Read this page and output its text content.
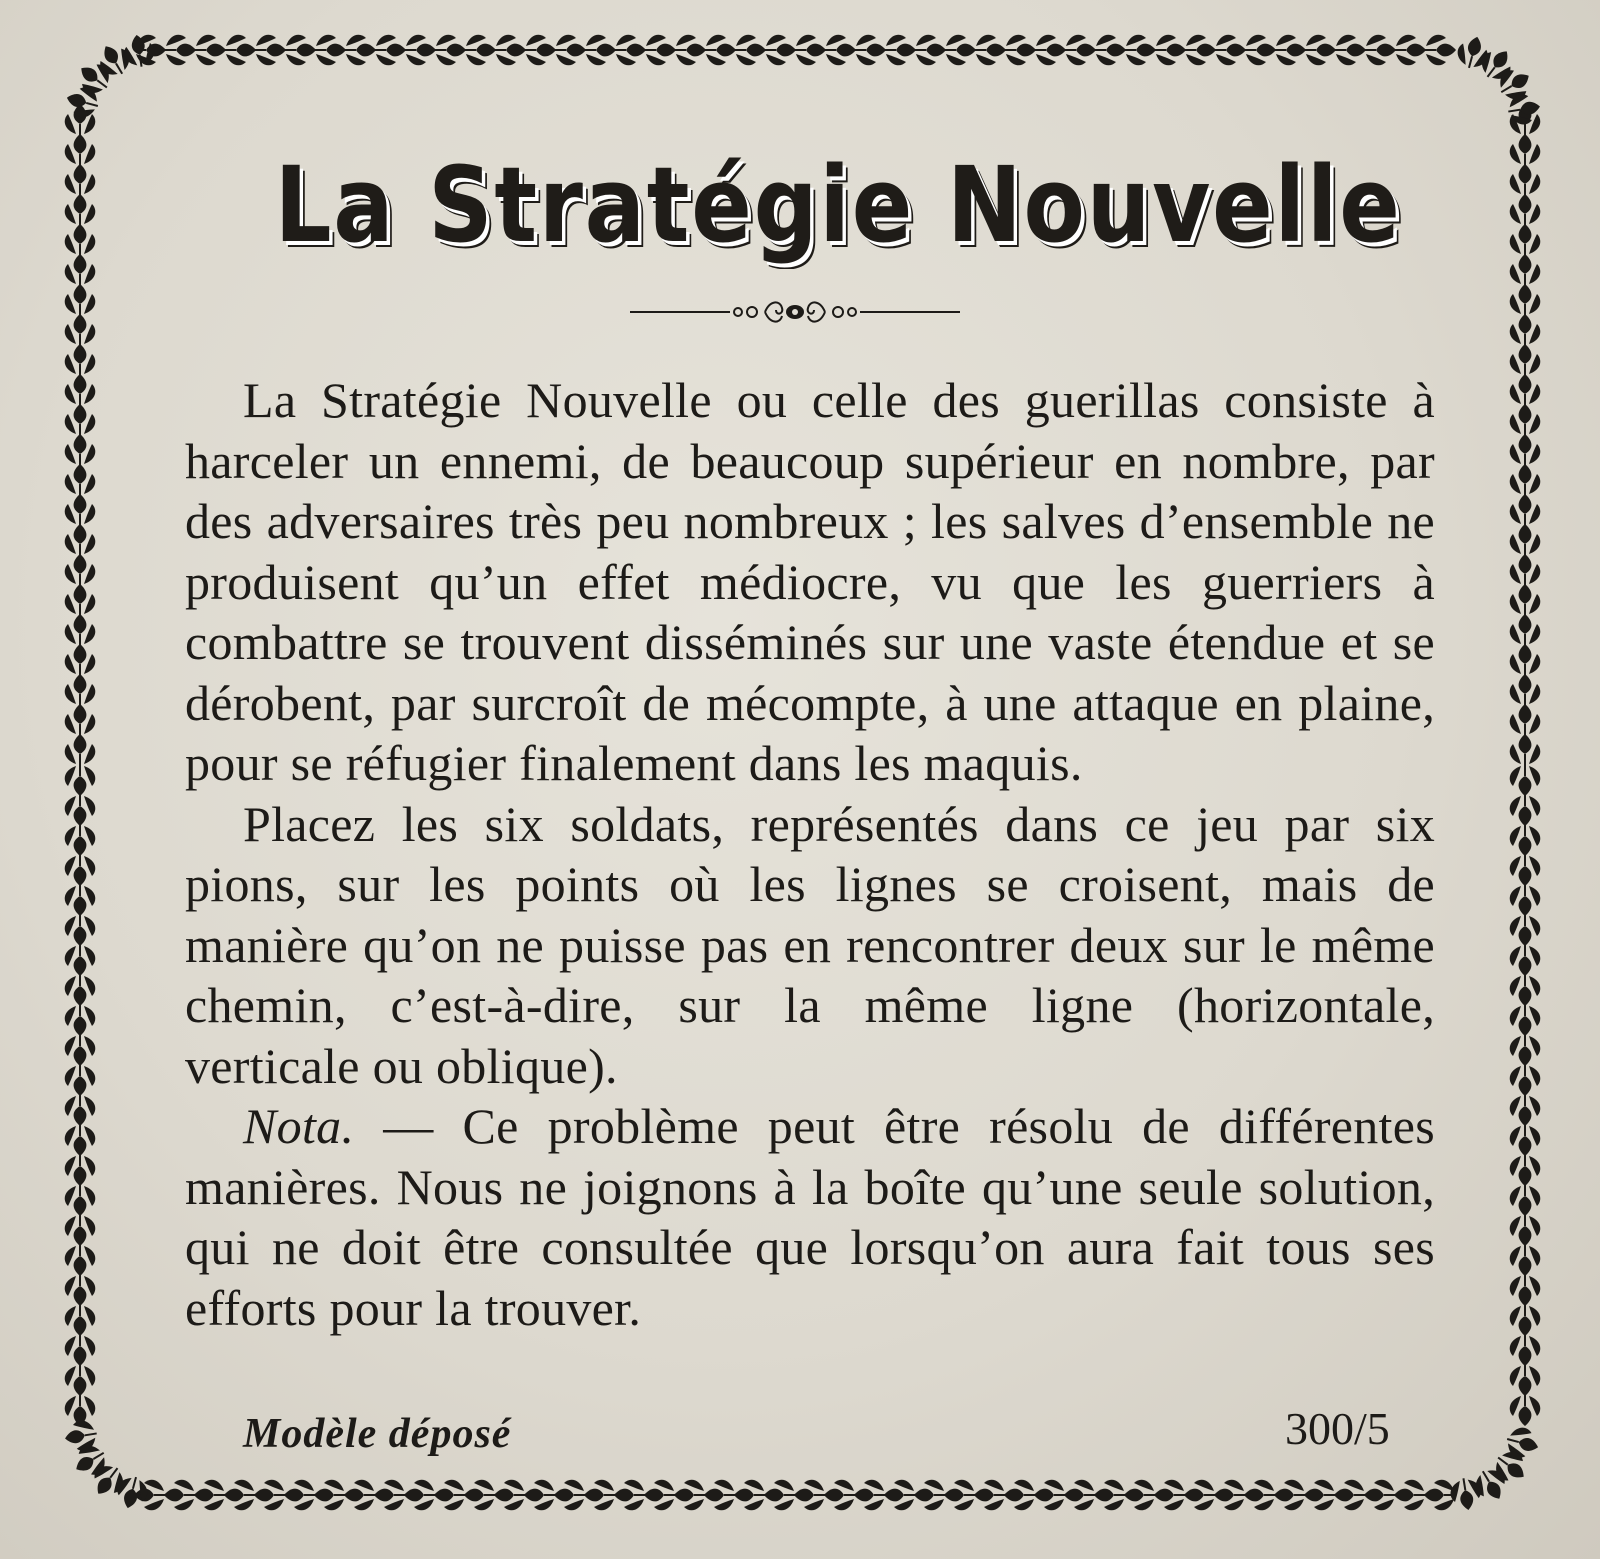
La Stratégie Nouvelle

La Stratégie Nouvelle ou celle des guerillas consiste à harceler un ennemi, de beaucoup supérieur en nombre, par des adversaires très peu nombreux ; les salves d’ensemble ne produisent qu’un effet médiocre, vu que les guerriers à combattre se trouvent disséminés sur une vaste étendue et se dérobent, par surcroît de mécompte, à une attaque en plaine, pour se réfugier finalement dans les maquis.

Placez les six soldats, représentés dans ce jeu par six pions, sur les points où les lignes se croisent, mais de manière qu’on ne puisse pas en rencontrer deux sur le même chemin, c’est-à-dire, sur la même ligne (horizontale, verticale ou oblique).

Nota. — Ce problème peut être résolu de différentes manières. Nous ne joignons à la boîte qu’une seule solution, qui ne doit être consultée que lorsqu’on aura fait tous ses efforts pour la trouver.

Modèle déposé	300/5
